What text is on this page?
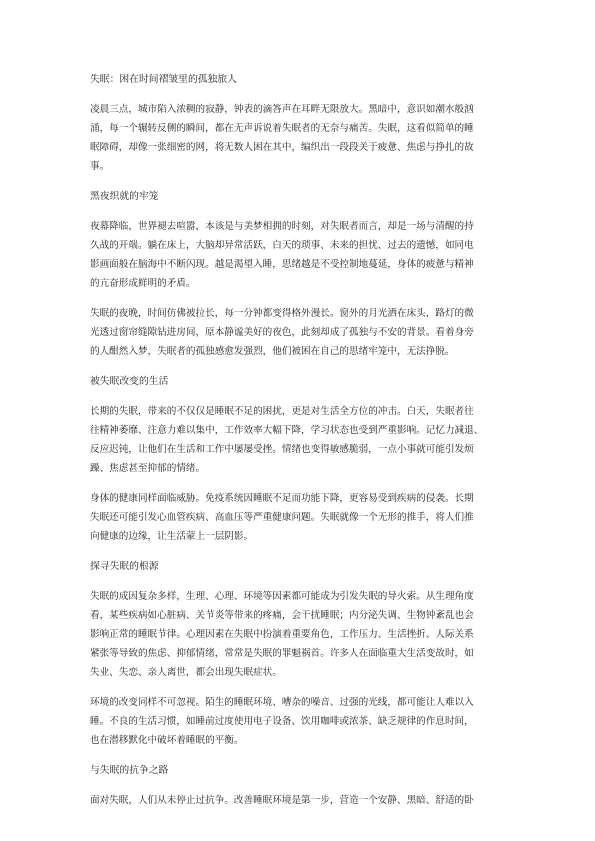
失眠：困在时间褶皱里的孤独旅人
凌晨三点，城市陷入浓稠的寂静，钟表的滴答声在耳畔无限放大。黑暗中，意识如潮水般汹
涌，每一个辗转反侧的瞬间，都在无声诉说着失眠者的无奈与痛苦。失眠，这看似简单的睡
眠障碍，却像一张细密的网，将无数人困在其中，编织出一段段关于疲惫、焦虑与挣扎的故
事。
黑夜织就的牢笼
夜幕降临，世界褪去喧嚣，本该是与美梦相拥的时刻，对失眠者而言，却是一场与清醒的持
久战的开端。躺在床上，大脑却异常活跃，白天的琐事、未来的担忧、过去的遗憾，如同电
影画面般在脑海中不断闪现。越是渴望入睡，思绪越是不受控制地蔓延，身体的疲惫与精神
的亢奋形成鲜明的矛盾。
失眠的夜晚，时间仿佛被拉长，每一分钟都变得格外漫长。窗外的月光洒在床头，路灯的微
光透过窗帘缝隙钻进房间，原本静谧美好的夜色，此刻却成了孤独与不安的背景。看着身旁
的人酣然入梦，失眠者的孤独感愈发强烈，他们被困在自己的思绪牢笼中，无法挣脱。
被失眠改变的生活
长期的失眠，带来的不仅仅是睡眠不足的困扰，更是对生活全方位的冲击。白天，失眠者往
往精神萎靡、注意力难以集中，工作效率大幅下降，学习状态也受到严重影响。记忆力减退、
反应迟钝，让他们在生活和工作中屡屡受挫。情绪也变得敏感脆弱，一点小事就可能引发烦
躁、焦虑甚至抑郁的情绪。
身体的健康同样面临威胁。免疫系统因睡眠不足而功能下降，更容易受到疾病的侵袭。长期
失眠还可能引发心血管疾病、高血压等严重健康问题。失眠就像一个无形的推手，将人们推
向健康的边缘，让生活蒙上一层阴影。
探寻失眠的根源
失眠的成因复杂多样，生理、心理、环境等因素都可能成为引发失眠的导火索。从生理角度
看，某些疾病如心脏病、关节炎等带来的疼痛，会干扰睡眠；内分泌失调、生物钟紊乱也会
影响正常的睡眠节律。心理因素在失眠中扮演着重要角色，工作压力、生活挫折、人际关系
紧张等导致的焦虑、抑郁情绪，常常是失眠的罪魁祸首。许多人在面临重大生活变故时，如
失业、失恋、亲人离世，都会出现失眠症状。
环境的改变同样不可忽视。陌生的睡眠环境、嘈杂的噪音、过强的光线，都可能让人难以入
睡。不良的生活习惯，如睡前过度使用电子设备、饮用咖啡或浓茶、缺乏规律的作息时间，
也在潜移默化中破坏着睡眠的平衡。
与失眠的抗争之路
面对失眠，人们从未停止过抗争。改善睡眠环境是第一步，营造一个安静、黑暗、舒适的卧
